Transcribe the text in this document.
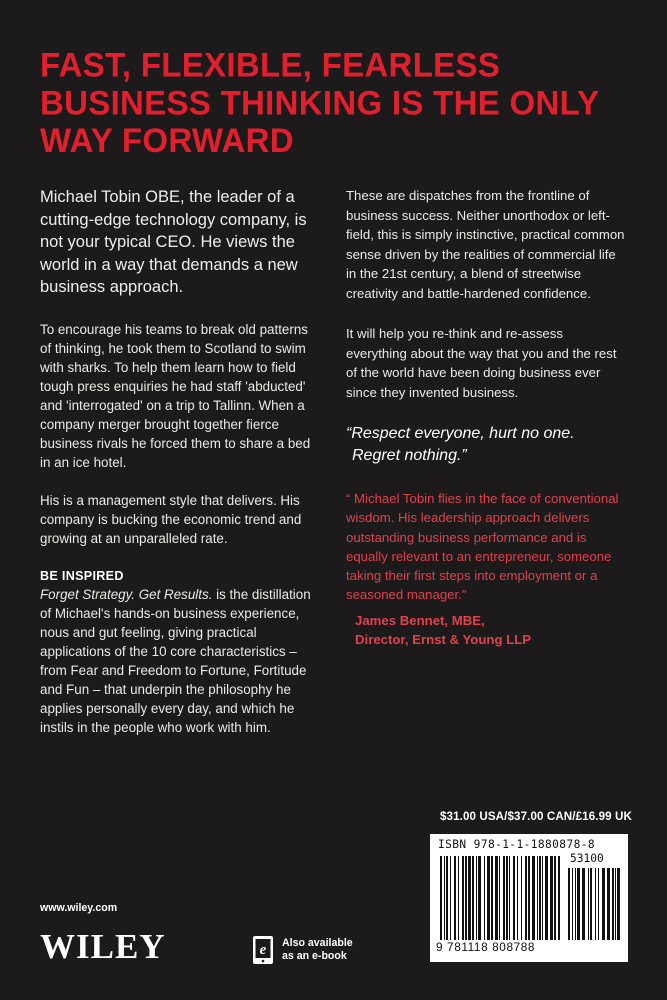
FAST, FLEXIBLE, FEARLESS
BUSINESS THINKING IS THE ONLY
WAY FORWARD

Michael Tobin OBE, the leader of a cutting-edge technology company, is not your typical CEO. He views the world in a way that demands a new business approach.

To encourage his teams to break old patterns of thinking, he took them to Scotland to swim with sharks. To help them learn how to field tough press enquiries he had staff 'abducted' and 'interrogated' on a trip to Tallinn. When a company merger brought together fierce business rivals he forced them to share a bed in an ice hotel.

His is a management style that delivers. His company is bucking the economic trend and growing at an unparalleled rate.

BE INSPIRED

Forget Strategy. Get Results. is the distillation of Michael's hands-on business experience, nous and gut feeling, giving practical applications of the 10 core characteristics – from Fear and Freedom to Fortune, Fortitude and Fun – that underpin the philosophy he applies personally every day, and which he instils in the people who work with him.

These are dispatches from the frontline of business success. Neither unorthodox or left-field, this is simply instinctive, practical common sense driven by the realities of commercial life in the 21st century, a blend of streetwise creativity and battle-hardened confidence.

It will help you re-think and re-assess everything about the way that you and the rest of the world have been doing business ever since they invented business.

“Respect everyone, hurt no one.
Regret nothing.”

“ Michael Tobin flies in the face of conventional wisdom. His leadership approach delivers outstanding business performance and is equally relevant to an entrepreneur, someone taking their first steps into employment or a seasoned manager.”

James Bennet, MBE,
Director, Ernst & Young LLP
$31.00 USA/$37.00 CAN/£16.99 UK
ISBN 978-1-1-1880878-8
53100
9 781118 808788
www.wiley.com
WILEY	e Also available
as an e-book
